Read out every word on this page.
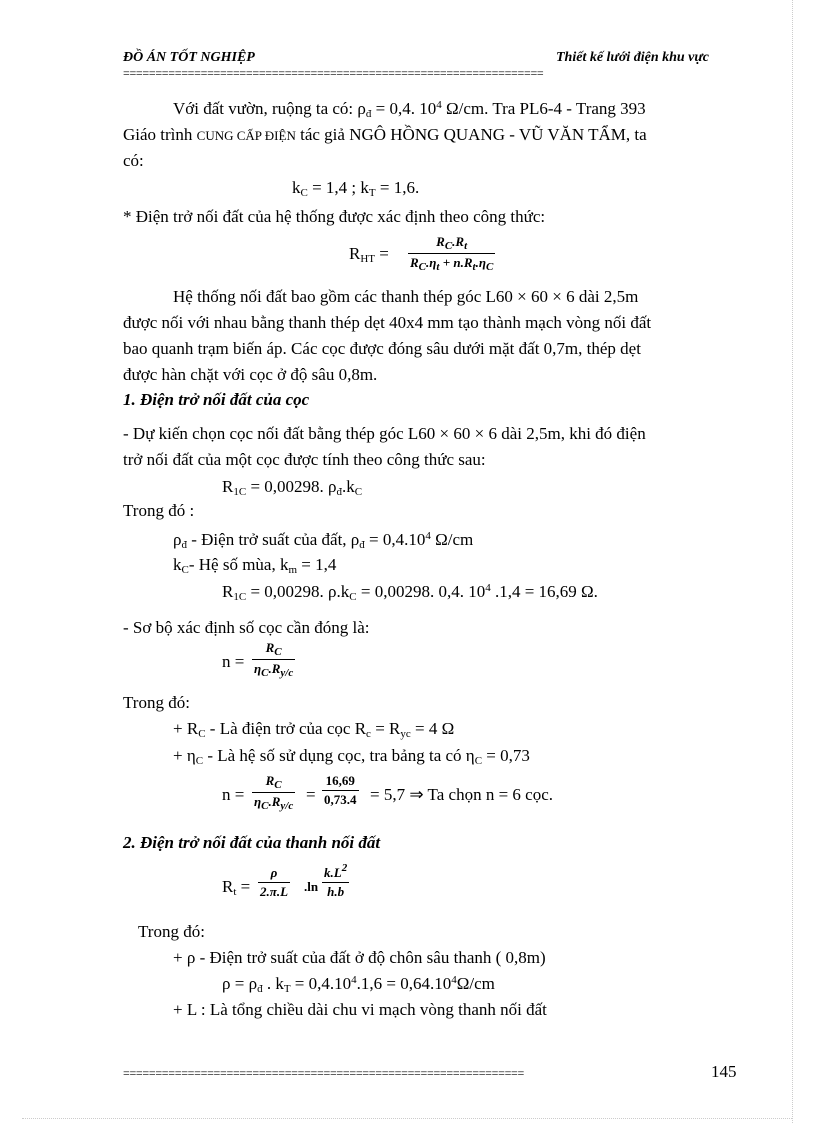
ĐỒ ÁN TỐT NGHIỆP	Thiết kế lưới điện khu vực
=================================================================
Với đất vườn, ruộng ta có: $\rho_đ = 0,4$. $10^4$ Ω/cm. Tra PL6-4 - Trang 393
Giáo trình CUNG CẤP ĐIỆN tác giả NGÔ HỒNG QUANG - VŨ VĂN TẨM, ta
có:
$k_C = 1,4$ ; $k_T = 1,6$.
* Điện trở nối đất của hệ thống được xác định theo công thức:
$R_{HT}$ =
$R_C.R_t$
$R_C.\eta_t + n.R_t.\eta_C$
Hệ thống nối đất bao gồm các thanh thép góc L60 × 60 × 6 dài 2,5m
được nối với nhau bằng thanh thép dẹt 40x4 mm tạo thành mạch vòng nối đất
bao quanh trạm biến áp. Các cọc được đóng sâu dưới mặt đất 0,7m, thép dẹt
được hàn chặt với cọc ở độ sâu 0,8m.
1. Điện trở nối đất của cọc
- Dự kiến chọn cọc nối đất bằng thép góc L60 × 60 × 6 dài 2,5m, khi đó điện
trở nối đất của một cọc được tính theo công thức sau:
$R_{1C} = 0,00298$. $\rho_đ.k_C$
Trong đó :
$\rho_đ$ - Điện trở suất của đất, $\rho_đ = 0,4.10^4$ Ω/cm
$k_C-$ Hệ số mùa, $k_m = 1,4$
$R_{1C} = 0,00298$. $\rho.k_C = 0,00298$. 0,4. $10^4$ .1,4 = 16,69 Ω.
- Sơ bộ xác định số cọc cần đóng là:
n =
$R_C$
$\eta_C.R_{y/c}$
Trong đó:
+ $R_C$ - Là điện trở của cọc $R_c = R_{yc} = 4$ Ω
+ $\eta_C$ - Là hệ số sử dụng cọc, tra bảng ta có $\eta_C = 0,73$
n =
$R_C$
$\eta_C.R_{y/c}$
=
16,69
0,73.4 = 5,7 ⇒ Ta chọn n = 6 cọc.
2. Điện trở nối đất của thanh nối đất
$R_t$ =
ρ
2.π.L .ln
$k.L^2$
h.b
Trong đó:
+ ρ - Điện trở suất của đất ở độ chôn sâu thanh ( 0,8m)
$\rho = \rho_đ$ . $k_T = 0,4.10^4.1,6 = 0,64.10^4\Omega/cm$
+ L : Là tổng chiều dài chu vi mạch vòng thanh nối đất
==============================================================	145
